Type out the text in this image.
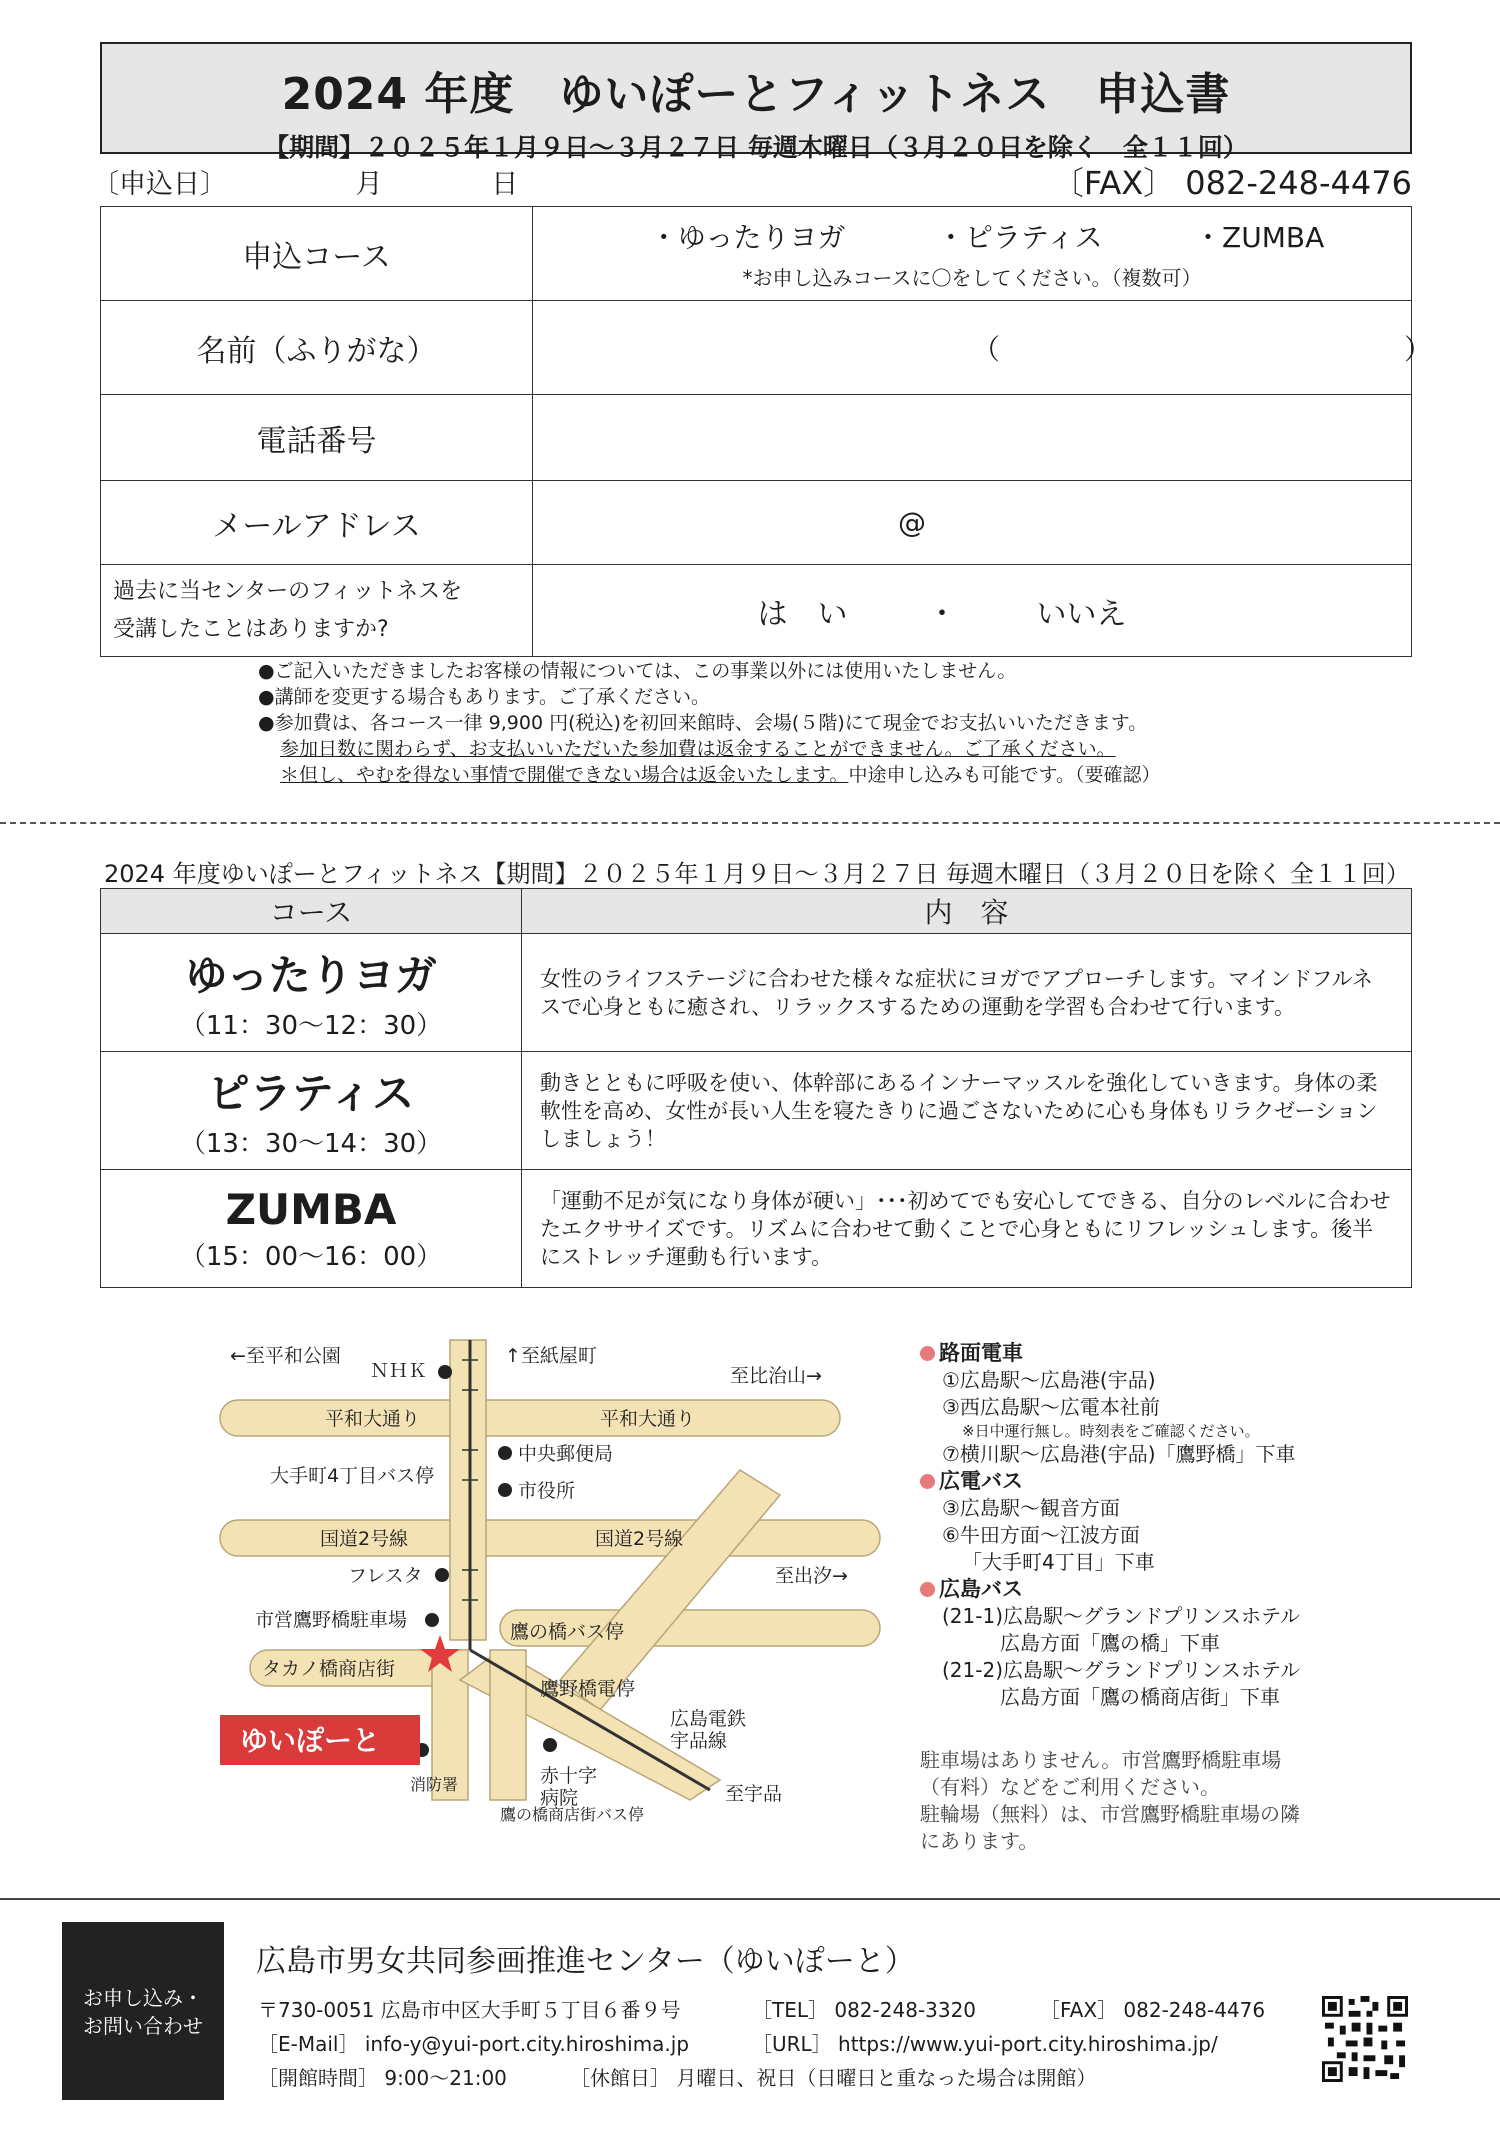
2024 年度　ゆいぽーとフィットネス　申込書
【期間】２０２５年１月９日〜３月２７日 毎週木曜日（３月２０日を除く　全１１回）
〔申込日〕	月	日	〔FAX〕 082-248-4476
申込コース	・ゆったりヨガ ・ピラティス ・ZUMBA
*お申し込みコースに〇をしてください。（複数可）

名前（ふりがな）	（ ）

電話番号	
メールアドレス	@

過去に当センターのフィットネスを
受講したことはありますか?	は　い ・ いいえ
●ご記入いただきましたお客様の情報については、この事業以外には使用いたしません。
●講師を変更する場合もあります。ご了承ください。
●参加費は、各コース一律 9,900 円(税込)を初回来館時、会場(５階)にて現金でお支払いいただきます。
参加日数に関わらず、お支払いいただいた参加費は返金することができません。ご了承ください。
＊但し、やむを得ない事情で開催できない場合は返金いたします。中途申し込みも可能です。（要確認）
2024 年度ゆいぽーとフィットネス【期間】２０２５年１月９日〜３月２７日 毎週木曜日（３月２０日を除く 全１１回）
コース	内　容

ゆったりヨガ
（11：30〜12：30）	女性のライフステージに合わせた様々な症状にヨガでアプローチします。マインドフルネスで心身ともに癒され、リラックスするための運動を学習も合わせて行います。

ピラティス
（13：30〜14：30）	動きとともに呼吸を使い、体幹部にあるインナーマッスルを強化していきます。身体の柔軟性を高め、女性が長い人生を寝たきりに過ごさないために心も身体もリラクゼーションしましょう！

ZUMBA
（15：00〜16：00）	「運動不足が気になり身体が硬い」･･･初めてでも安心してできる、自分のレベルに合わせたエクササイズです。リズムに合わせて動くことで心身ともにリフレッシュします。後半にストレッチ運動も行います。
←至平和公園
ＮＨＫ
↑至紙屋町
至比治山→
平和大通り	平和大通り
中央郵便局
市役所
大手町4丁目バス停
国道2号線	国道2号線
至出汐→
フレスタ
市営鷹野橋駐車場
鷹の橋バス停
タカノ橋商店街
鷹野橋電停
広島電鉄宇品線
赤十字病院	至宇品
ゆいぽーと
消防署
鷹の橋商店街バス停
路面電車
①広島駅〜広島港(宇品)
③西広島駅〜広電本社前
※日中運行無し。時刻表をご確認ください。
⑦横川駅〜広島港(宇品)「鷹野橋」下車
広電バス
③広島駅〜観音方面
⑥牛田方面〜江波方面
「大手町4丁目」下車
広島バス
(21-1)広島駅〜グランドプリンスホテル
広島方面「鷹の橋」下車
(21-2)広島駅〜グランドプリンスホテル
広島方面「鷹の橋商店街」下車
駐車場はありません。市営鷹野橋駐車場
（有料）などをご利用ください。
駐輪場（無料）は、市営鷹野橋駐車場の隣
にあります。
お申し込み・
お問い合わせ
広島市男女共同参画推進センター（ゆいぽーと）
〒730-0051 広島市中区大手町５丁目６番９号	［TEL］ 082-248-3320	［FAX］ 082-248-4476
［E-Mail］ info-y@yui-port.city.hiroshima.jp	［URL］ https://www.yui-port.city.hiroshima.jp/
［開館時間］ 9:00〜21:00	［休館日］ 月曜日、祝日（日曜日と重なった場合は開館）
